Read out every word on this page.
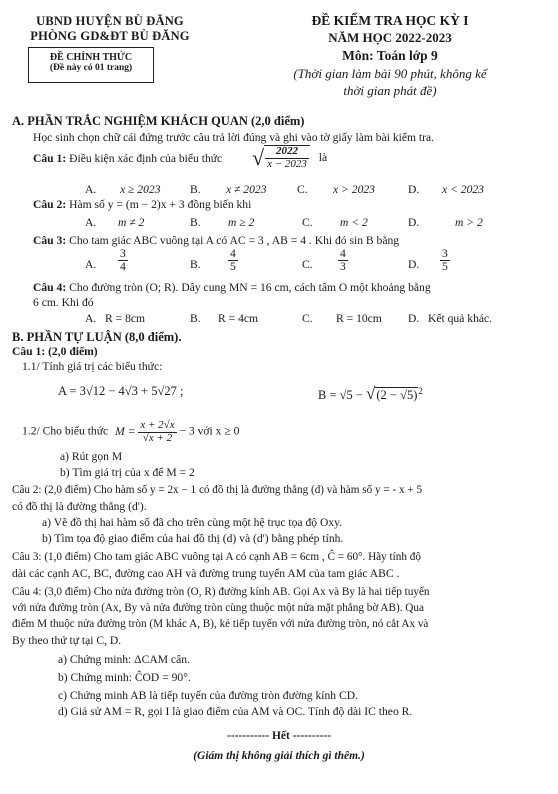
UBND HUYỆN BÙ ĐĂNG
PHÒNG GD&ĐT BÙ ĐĂNG
ĐỀ CHÍNH THỨC
(Đề này có 01 trang)
ĐỀ KIỂM TRA HỌC KỲ I
NĂM HỌC 2022-2023
Môn: Toán lớp 9
(Thời gian làm bài 90 phút, không kể
thời gian phát đề)
A. PHẦN TRẮC NGHIỆM KHÁCH QUAN (2,0 điểm)
Học sinh chọn chữ cái đứng trước câu trả lời đúng và ghi vào tờ giấy làm bài kiểm tra.
Câu 1: Điều kiện xác định của biểu thức √ $\frac{2022}{x - 2023}$ là
A. x ≥ 2023	B. x ≠ 2023	C. x > 2023	D. x < 2023
Câu 2: Hàm số y = (m − 2)x + 3 đồng biến khi
A. m ≠ 2	B. m ≥ 2	C. m < 2	D.	m > 2
Câu 3: Cho tam giác ABC vuông tại A có AC = 3 , AB = 4 . Khi đó sin B bằng
A. $\frac{3}{4}$	B. $\frac{4}{5}$	C. $\frac{4}{3}$	D. $\frac{3}{5}$
Câu 4: Cho đường tròn (O; R). Dây cung MN = 16 cm, cách tâm O một khoảng bằng
6 cm. Khi đó
A. R = 8cm	B. R = 4cm	C. R = 10cm D. Kết quả khác.
B. PHẦN TỰ LUẬN (8,0 điểm).
Câu 1: (2,0 điểm)
1.1/ Tính giá trị các biểu thức:
A = 3√12 − 4√3 + 5√27 ;	$B = √5 - √(2 - √5)^2$
1.2/ Cho biểu thức $M = \frac{x + 2√x}{√x + 2} - 3$ với x ≥ 0
a) Rút gọn M
b) Tìm giá trị của x để M = 2
Câu 2: (2,0 điểm) Cho hàm số y = 2x − 1 có đồ thị là đường thẳng (d) và hàm số y = - x + 5
có đồ thị là đường thẳng (d').
a) Vẽ đồ thị hai hàm số đã cho trên cùng một hệ trục tọa độ Oxy.
b) Tìm tọa độ giao điểm của hai đồ thị (d) và (d') bằng phép tính.
Câu 3: (1,0 điểm) Cho tam giác ABC vuông tại A có cạnh AB = 6cm , Ĉ = 60°. Hãy tính độ
dài các cạnh AC, BC, đường cao AH và đường trung tuyến AM của tam giác ABC .
Câu 4: (3,0 điểm) Cho nửa đường tròn (O, R) đường kính AB. Gọi Ax và By là hai tiếp tuyến
với nửa đường tròn (Ax, By và nửa đường tròn cùng thuộc một nửa mặt phẳng bờ AB). Qua
điểm M thuộc nửa đường tròn (M khác A, B), kẻ tiếp tuyến với nửa đường tròn, nó cắt Ax và
By theo thứ tự tại C, D.
a) Chứng minh: ΔCAM cân.
b) Chứng minh: ĈOD = 90°.
c) Chứng minh AB là tiếp tuyến của đường tròn đường kính CD.
d) Giả sử AM = R, gọi I là giao điểm của AM và OC. Tính độ dài IC theo R.
----------- Hết ----------
(Giám thị không giải thích gì thêm.)
